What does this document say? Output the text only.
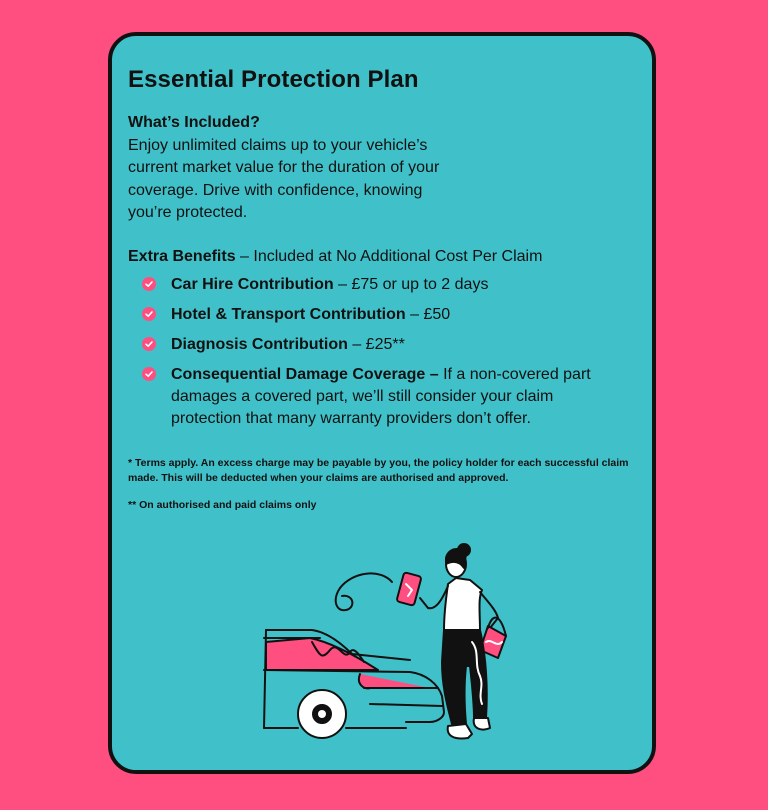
Essential Protection Plan
What’s Included?
Enjoy unlimited claims up to your vehicle’s current market value for the duration of your coverage. Drive with confidence, knowing you’re protected.
Extra Benefits – Included at No Additional Cost Per Claim
Car Hire Contribution – £75 or up to 2 days
Hotel & Transport Contribution – £50
Diagnosis Contribution – £25**
Consequential Damage Coverage – If a non-covered part damages a covered part, we’ll still consider your claim protection that many warranty providers don’t offer.
* Terms apply. An excess charge may be payable by you, the policy holder for each successful claim made. This will be deducted when your claims are authorised and approved.
** On authorised and paid claims only
